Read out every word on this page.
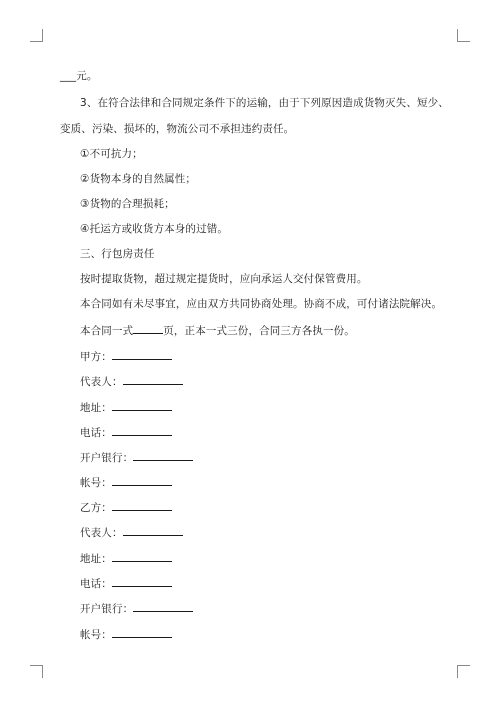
___元。
3、在符合法律和合同规定条件下的运输，由于下列原因造成货物灭失、短少、
变质、污染、损坏的，物流公司不承担违约责任。
①不可抗力；
②货物本身的自然属性；
③货物的合理损耗；
④托运方或收货方本身的过错。
三、行包房责任
按时提取货物，超过规定提货时，应向承运人交付保管费用。
本合同如有未尽事宜，应由双方共同协商处理。协商不成，可付诸法院解决。
本合同一式	页，正本一式三份，合同三方各执一份。
甲方：
代表人：
地址：
电话：
开户银行：
帐号：
乙方：
代表人：
地址：
电话：
开户银行：
帐号：
